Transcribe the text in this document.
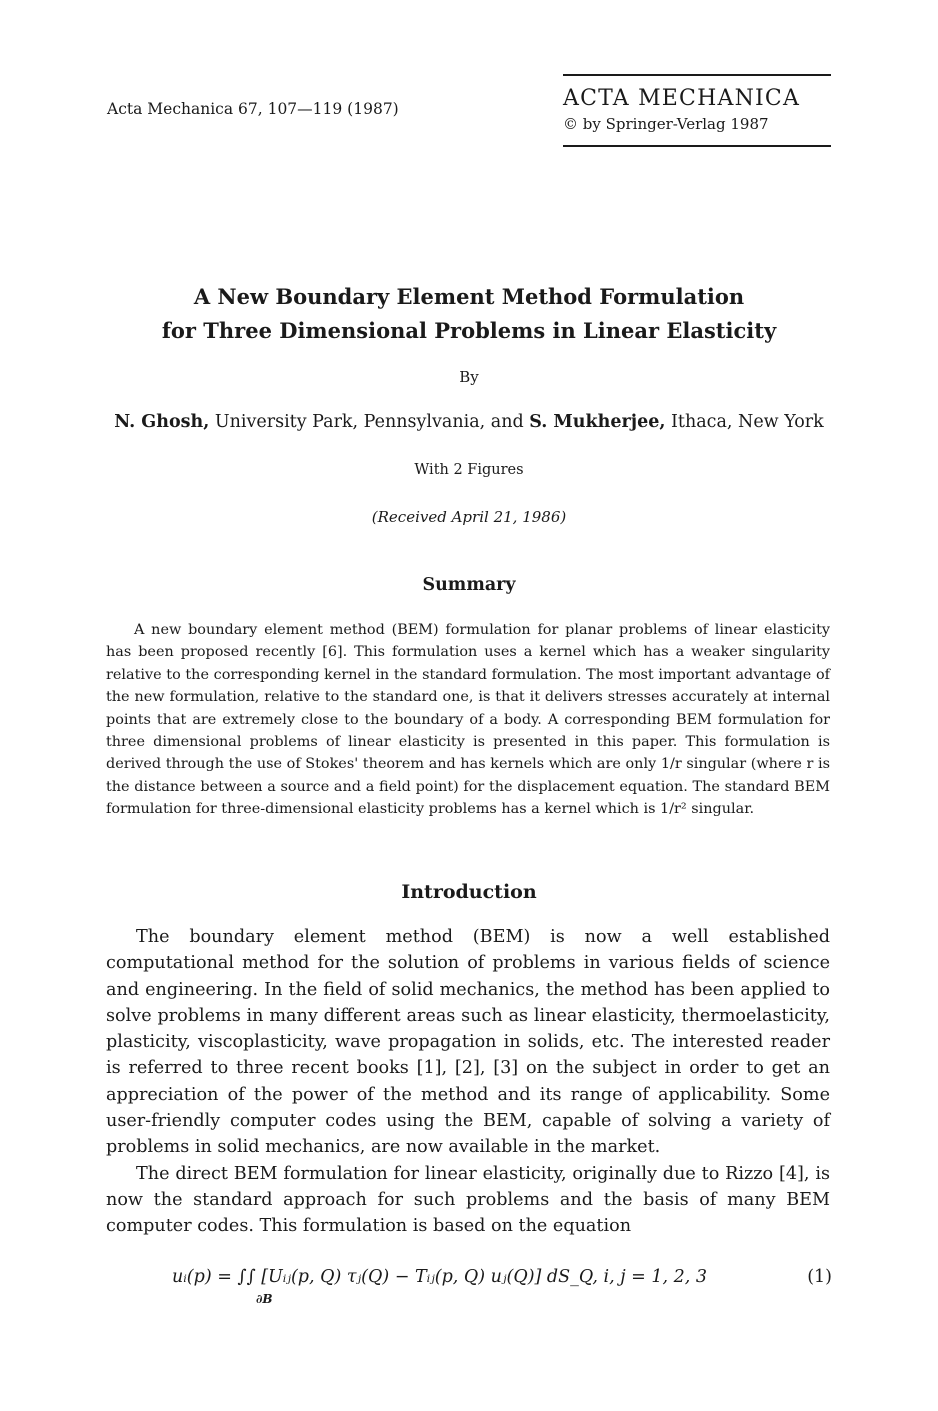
Acta Mechanica 67, 107—119 (1987)	ACTA MECHANICA
© by Springer-Verlag 1987
A New Boundary Element Method Formulation
for Three Dimensional Problems in Linear Elasticity
By
N. Ghosh, University Park, Pennsylvania, and S. Mukherjee, Ithaca, New York
With 2 Figures
(Received April 21, 1986)
Summary

A new boundary element method (BEM) formulation for planar problems of linear elasticity has been proposed recently [6]. This formulation uses a kernel which has a weaker singularity relative to the corresponding kernel in the standard formulation. The most important advantage of the new formulation, relative to the standard one, is that it delivers stresses accurately at internal points that are extremely close to the boundary of a body. A corresponding BEM formulation for three dimensional problems of linear elasticity is presented in this paper. This formulation is derived through the use of Stokes' theorem and has kernels which are only 1/r singular (where r is the distance between a source and a field point) for the displacement equation. The standard BEM formulation for three-dimensional elasticity problems has a kernel which is 1/r² singular.

Introduction

The boundary element method (BEM) is now a well established computational method for the solution of problems in various fields of science and engineering. In the field of solid mechanics, the method has been applied to solve problems in many different areas such as linear elasticity, thermoelasticity, plasticity, viscoplasticity, wave propagation in solids, etc. The interested reader is referred to three recent books [1], [2], [3] on the subject in order to get an appreciation of the power of the method and its range of applicability. Some user-friendly computer codes using the BEM, capable of solving a variety of problems in solid mechanics, are now available in the market.

The direct BEM formulation for linear elasticity, originally due to Rizzo [4], is now the standard approach for such problems and the basis of many BEM computer codes. This formulation is based on the equation

uᵢ(p) = ∫∫ [Uᵢⱼ(p, Q) τⱼ(Q) − Tᵢⱼ(p, Q) uⱼ(Q)] dS_Q, i, j = 1, 2, 3
∂B
(1)
